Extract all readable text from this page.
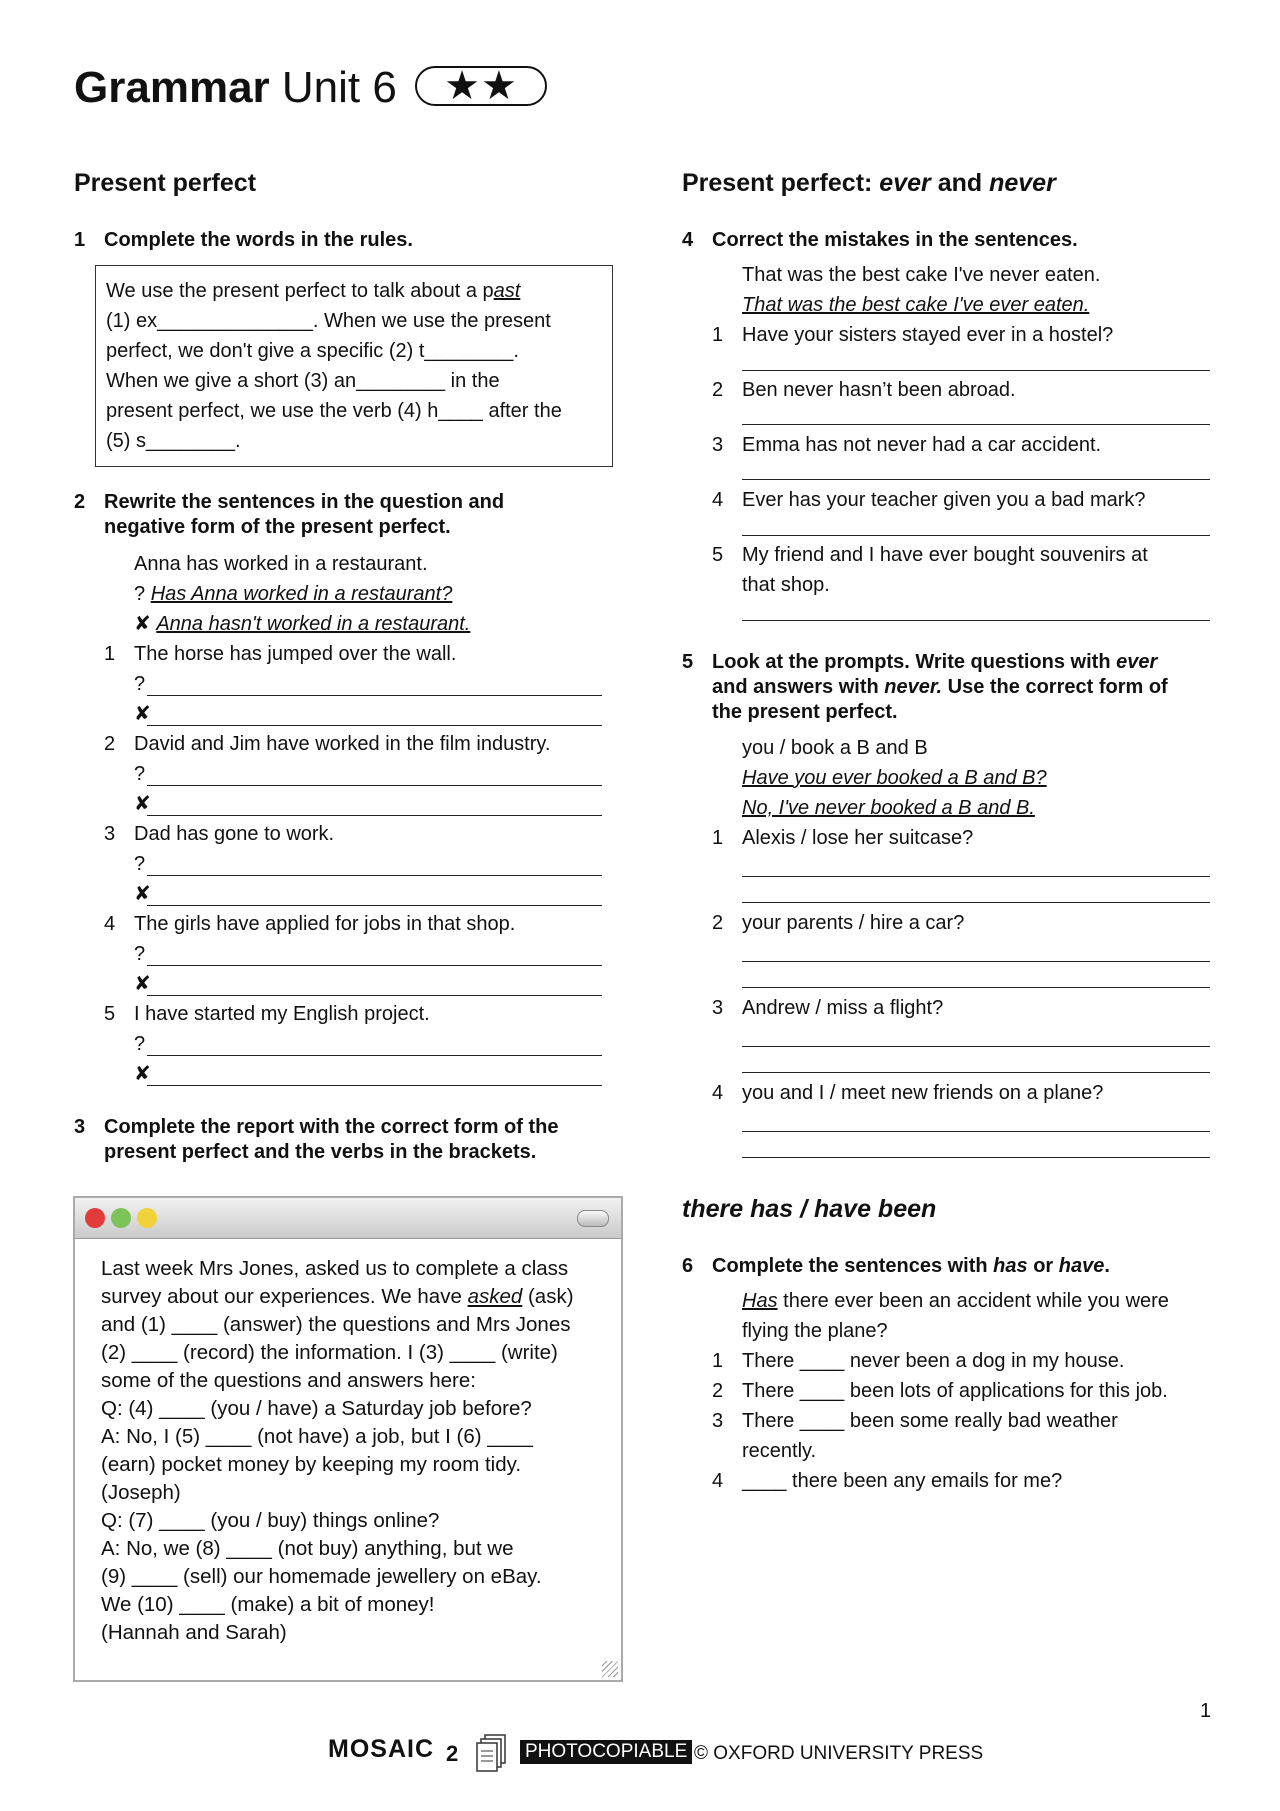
Grammar Unit 6	★★
Present perfect
1 Complete the words in the rules.
We use the present perfect to talk about a past
(1) ex______________. When we use the present
perfect, we don't give a specific (2) t________.
When we give a short (3) an________ in the
present perfect, we use the verb (4) h____ after the
(5) s________.
2 Rewrite the sentences in the question and
negative form of the present perfect.
Anna has worked in a restaurant.
? Has Anna worked in a restaurant?
✘ Anna hasn't worked in a restaurant.
1 The horse has jumped over the wall.
?
✘
2 David and Jim have worked in the film industry.
?
✘
3 Dad has gone to work.
?
✘
4 The girls have applied for jobs in that shop.
?
✘
5 I have started my English project.
?
✘
3 Complete the report with the correct form of the
present perfect and the verbs in the brackets.
Last week Mrs Jones, asked us to complete a class
survey about our experiences. We have asked (ask)
and (1) ____ (answer) the questions and Mrs Jones
(2) ____ (record) the information. I (3) ____ (write)
some of the questions and answers here:
Q: (4) ____ (you / have) a Saturday job before?
A: No, I (5) ____ (not have) a job, but I (6) ____
(earn) pocket money by keeping my room tidy.
(Joseph)
Q: (7) ____ (you / buy) things online?
A: No, we (8) ____ (not buy) anything, but we
(9) ____ (sell) our homemade jewellery on eBay.
We (10) ____ (make) a bit of money!
(Hannah and Sarah)
Present perfect: ever and never
4 Correct the mistakes in the sentences.
That was the best cake I've never eaten.
That was the best cake I've ever eaten.
1 Have your sisters stayed ever in a hostel?
2 Ben never hasn’t been abroad.
3 Emma has not never had a car accident.
4 Ever has your teacher given you a bad mark?
5 My friend and I have ever bought souvenirs at
that shop.
5 Look at the prompts. Write questions with ever
and answers with never. Use the correct form of
the present perfect.
you / book a B and B
Have you ever booked a B and B?
No, I've never booked a B and B.
1 Alexis / lose her suitcase?
2 your parents / hire a car?
3 Andrew / miss a flight?
4 you and I / meet new friends on a plane?
there has / have been
6 Complete the sentences with has or have.
Has there ever been an accident while you were
flying the plane?
1 There ____ never been a dog in my house.
2 There ____ been lots of applications for this job.
3 There ____ been some really bad weather
recently.
4 ____ there been any emails for me?
1
MOSAIC 2	PHOTOCOPIABLE © OXFORD UNIVERSITY PRESS
